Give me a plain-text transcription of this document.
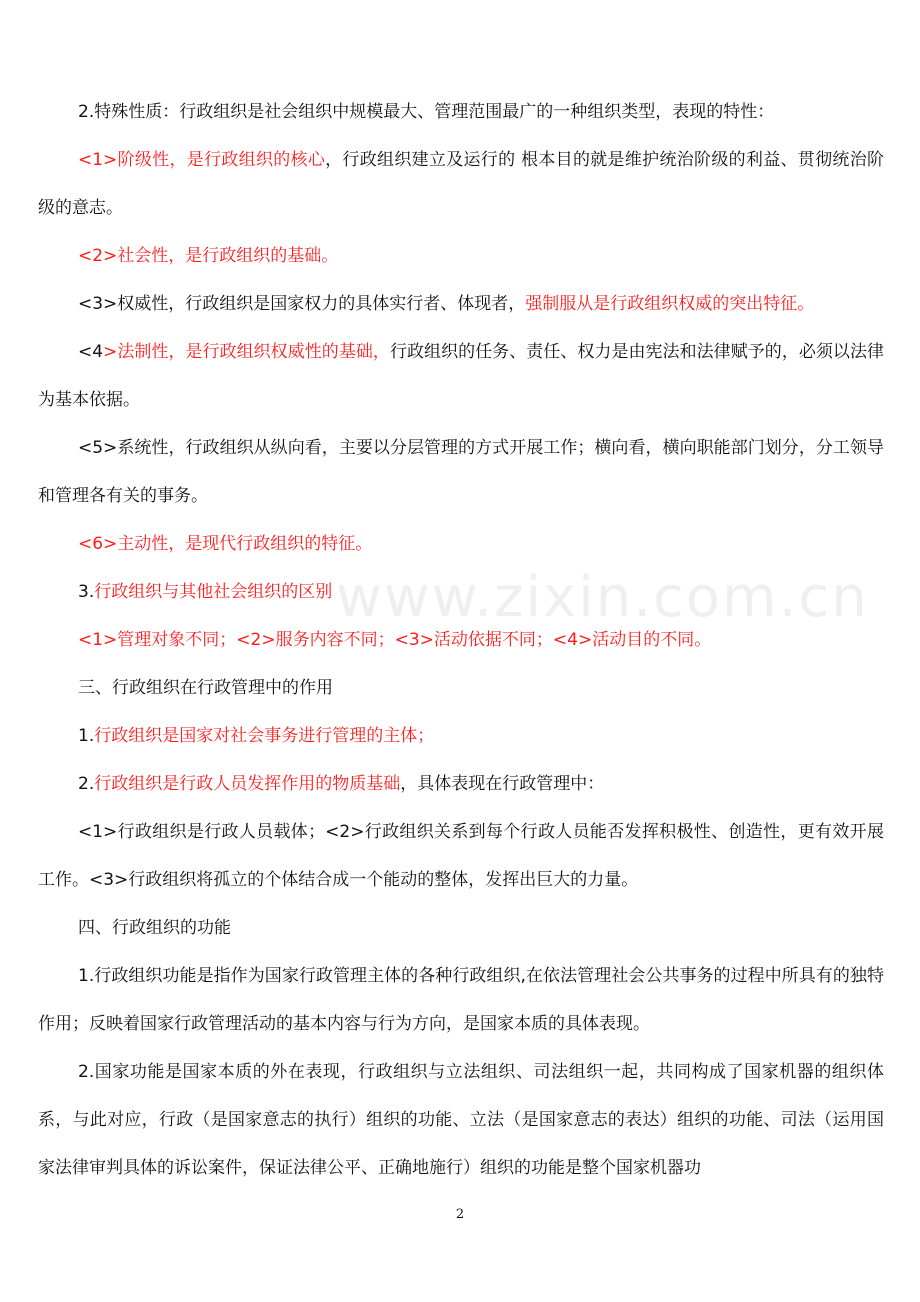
www.zixin.com.cn

2.特殊性质：行政组织是社会组织中规模最大、管理范围最广的一种组织类型，表现的特性：

<1>阶级性，是行政组织的核心，行政组织建立及运行的 根本目的就是维护统治阶级的利益、贯彻统治阶级的意志。

<2>社会性，是行政组织的基础。

<3>权威性，行政组织是国家权力的具体实行者、体现者，强制服从是行政组织权威的突出特征。

<4>法制性，是行政组织权威性的基础，行政组织的任务、责任、权力是由宪法和法律赋予的，必须以法律为基本依据。

<5>系统性，行政组织从纵向看，主要以分层管理的方式开展工作；横向看，横向职能部门划分，分工领导和管理各有关的事务。

<6>主动性，是现代行政组织的特征。

3.行政组织与其他社会组织的区别

<1>管理对象不同；<2>服务内容不同；<3>活动依据不同；<4>活动目的不同。

三、行政组织在行政管理中的作用

1.行政组织是国家对社会事务进行管理的主体；

2.行政组织是行政人员发挥作用的物质基础，具体表现在行政管理中：

<1>行政组织是行政人员载体；<2>行政组织关系到每个行政人员能否发挥积极性、创造性，更有效开展工作。<3>行政组织将孤立的个体结合成一个能动的整体，发挥出巨大的力量。

四、行政组织的功能

1.行政组织功能是指作为国家行政管理主体的各种行政组织,在依法管理社会公共事务的过程中所具有的独特作用；反映着国家行政管理活动的基本内容与行为方向，是国家本质的具体表现。

2.国家功能是国家本质的外在表现，行政组织与立法组织、司法组织一起，共同构成了国家机器的组织体系，与此对应，行政（是国家意志的执行）组织的功能、立法（是国家意志的表达）组织的功能、司法（运用国家法律审判具体的诉讼案件，保证法律公平、正确地施行）组织的功能是整个国家机器功

2
